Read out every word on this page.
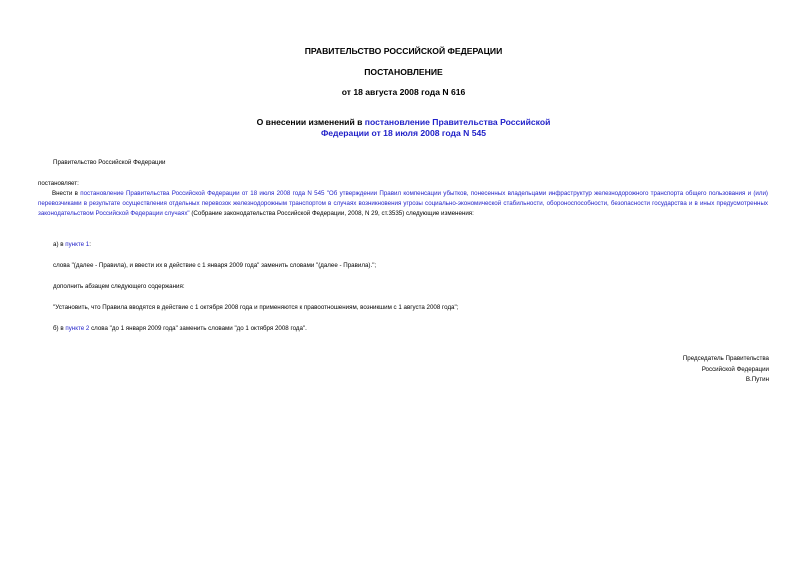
ПРАВИТЕЛЬСТВО РОССИЙСКОЙ ФЕДЕРАЦИИ
ПОСТАНОВЛЕНИЕ
от 18 августа 2008 года N 616
О внесении изменений в постановление Правительства Российской
Федерации от 18 июля 2008 года N 545
Правительство Российской Федерации
постановляет:
Внести в постановление Правительства Российской Федерации от 18 июля 2008 года N 545 "Об утверждении Правил компенсации убытков, понесенных владельцами инфраструктур железнодорожного транспорта общего пользования и (или) перевозчиками в результате осуществления отдельных перевозок железнодорожным транспортом в случаях возникновения угрозы социально-экономической стабильности, обороноспособности, безопасности государства и в иных предусмотренных законодательством Российской Федерации случаях" (Собрание законодательства Российской Федерации, 2008, N 29, ст.3535) следующие изменения:
а) в пункте 1:
слова "(далее - Правила), и ввести их в действие с 1 января 2009 года" заменить словами "(далее - Правила).";
дополнить абзацем следующего содержания:
"Установить, что Правила вводятся в действие с 1 октября 2008 года и применяются к правоотношениям, возникшим с 1 августа 2008 года";
б) в пункте 2 слова "до 1 января 2009 года" заменить словами "до 1 октября 2008 года".
Председатель Правительства
Российской Федерации
В.Путин
